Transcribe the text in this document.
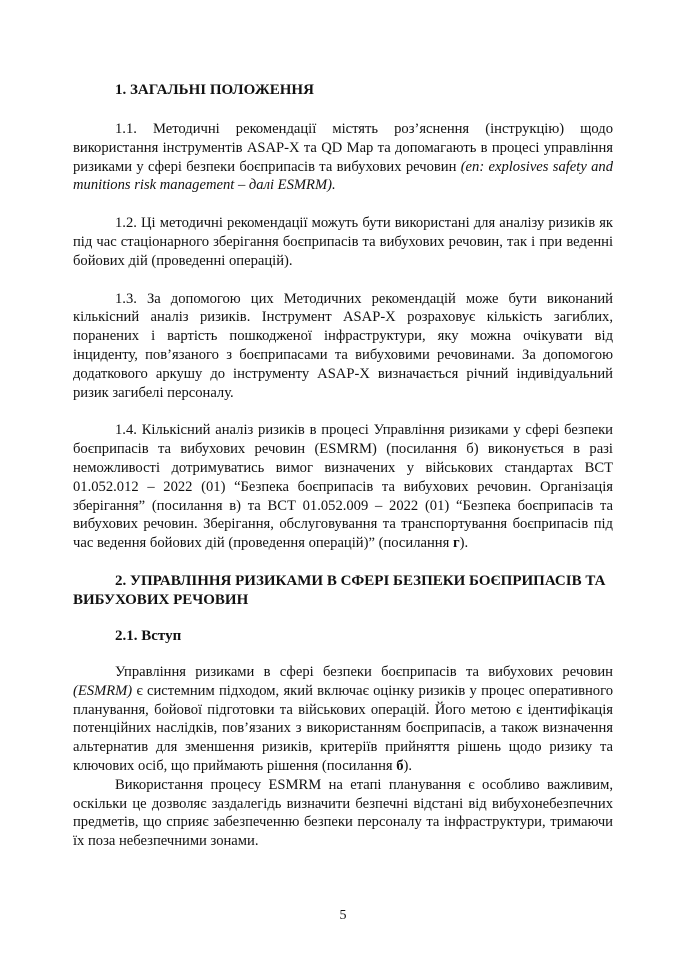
1. ЗАГАЛЬНІ ПОЛОЖЕННЯ

1.1. Методичні рекомендації містять роз’яснення (інструкцію) щодо використання інструментів ASAP-X та QD Map та допомагають в процесі управління ризиками у сфері безпеки боєприпасів та вибухових речовин (en: explosives safety and munitions risk management – далі ESMRM).

1.2. Ці методичні рекомендації можуть бути використані для аналізу ризиків як під час стаціонарного зберігання боєприпасів та вибухових речовин, так і при веденні бойових дій (проведенні операцій).

1.3. За допомогою цих Методичних рекомендацій може бути виконаний кількісний аналіз ризиків. Інструмент ASAP-X розраховує кількість загиблих, поранених і вартість пошкодженої інфраструктури, яку можна очікувати від інциденту, пов’язаного з боєприпасами та вибуховими речовинами. За допомогою додаткового аркушу до інструменту ASAP-X визначається річний індивідуальний ризик загибелі персоналу.

1.4. Кількісний аналіз ризиків в процесі Управління ризиками у сфері безпеки боєприпасів та вибухових речовин (ESMRM) (посилання б) виконується в разі неможливості дотримуватись вимог визначених у військових стандартах ВСТ 01.052.012 – 2022 (01) “Безпека боєприпасів та вибухових речовин. Організація зберігання” (посилання в) та ВСТ 01.052.009 – 2022 (01) “Безпека боєприпасів та вибухових речовин. Зберігання, обслуговування та транспортування боєприпасів під час ведення бойових дій (проведення операцій)” (посилання г).

2. УПРАВЛІННЯ РИЗИКАМИ В СФЕРІ БЕЗПЕКИ БОЄПРИПАСІВ ТА ВИБУХОВИХ РЕЧОВИН
2.1. Вступ

Управління ризиками в сфері безпеки боєприпасів та вибухових речовин (ESMRM) є системним підходом, який включає оцінку ризиків у процес оперативного планування, бойової підготовки та військових операцій. Його метою є ідентифікація потенційних наслідків, пов’язаних з використанням боєприпасів, а також визначення альтернатив для зменшення ризиків, критеріїв прийняття рішень щодо ризику та ключових осіб, що приймають рішення (посилання б).

Використання процесу ESMRM на етапі планування є особливо важливим, оскільки це дозволяє заздалегідь визначити безпечні відстані від вибухонебезпечних предметів, що сприяє забезпеченню безпеки персоналу та інфраструктури, тримаючи їх поза небезпечними зонами.

5
